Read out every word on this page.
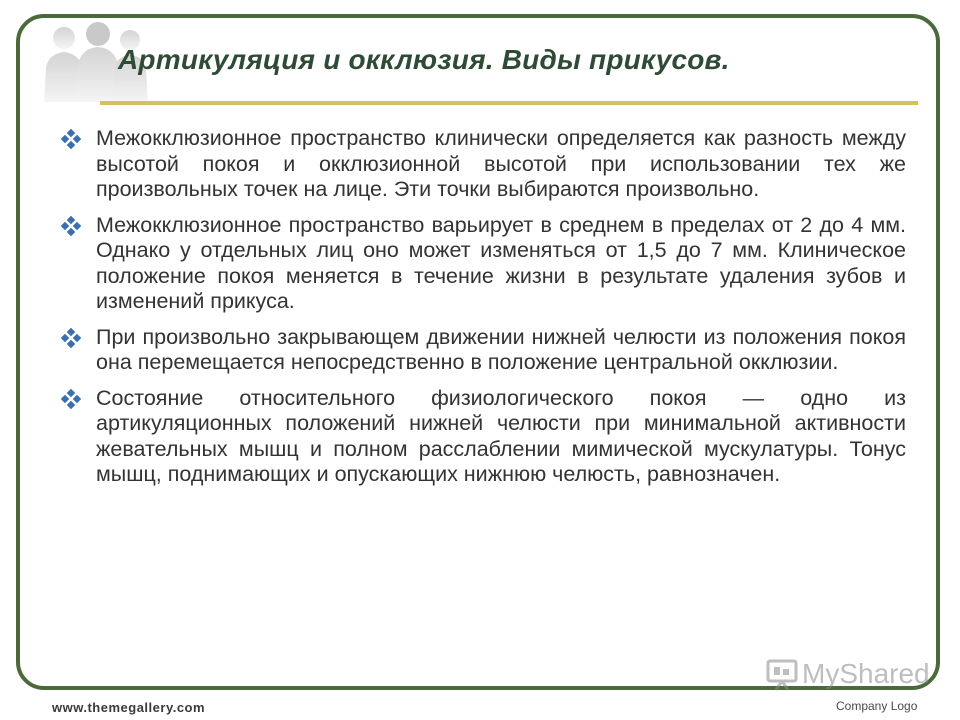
Артикуляция и окклюзия. Виды прикусов.
Межокклюзионное пространство клинически определяется как разность между высотой покоя и окклюзионной высотой при использовании тех же произвольных точек на лице. Эти точки выбираются произвольно.
Межокклюзионное пространство варьирует в среднем в пределах от 2 до 4 мм. Однако у отдельных лиц оно может изменяться от 1,5 до 7 мм. Клиническое положение покоя меняется в течение жизни в результате удаления зубов и изменений прикуса.
При произвольно закрывающем движении нижней челюсти из положения покоя она перемещается непосредственно в положение центральной окклюзии.
Состояние относительного физиологического покоя — одно из артикуляционных положений нижней челюсти при минимальной активности жевательных мышц и полном расслаблении мимической мускулатуры. Тонус мышц, поднимающих и опускающих нижнюю челюсть, равнозначен.
MyShared
www.themegallery.com	Company Logo
